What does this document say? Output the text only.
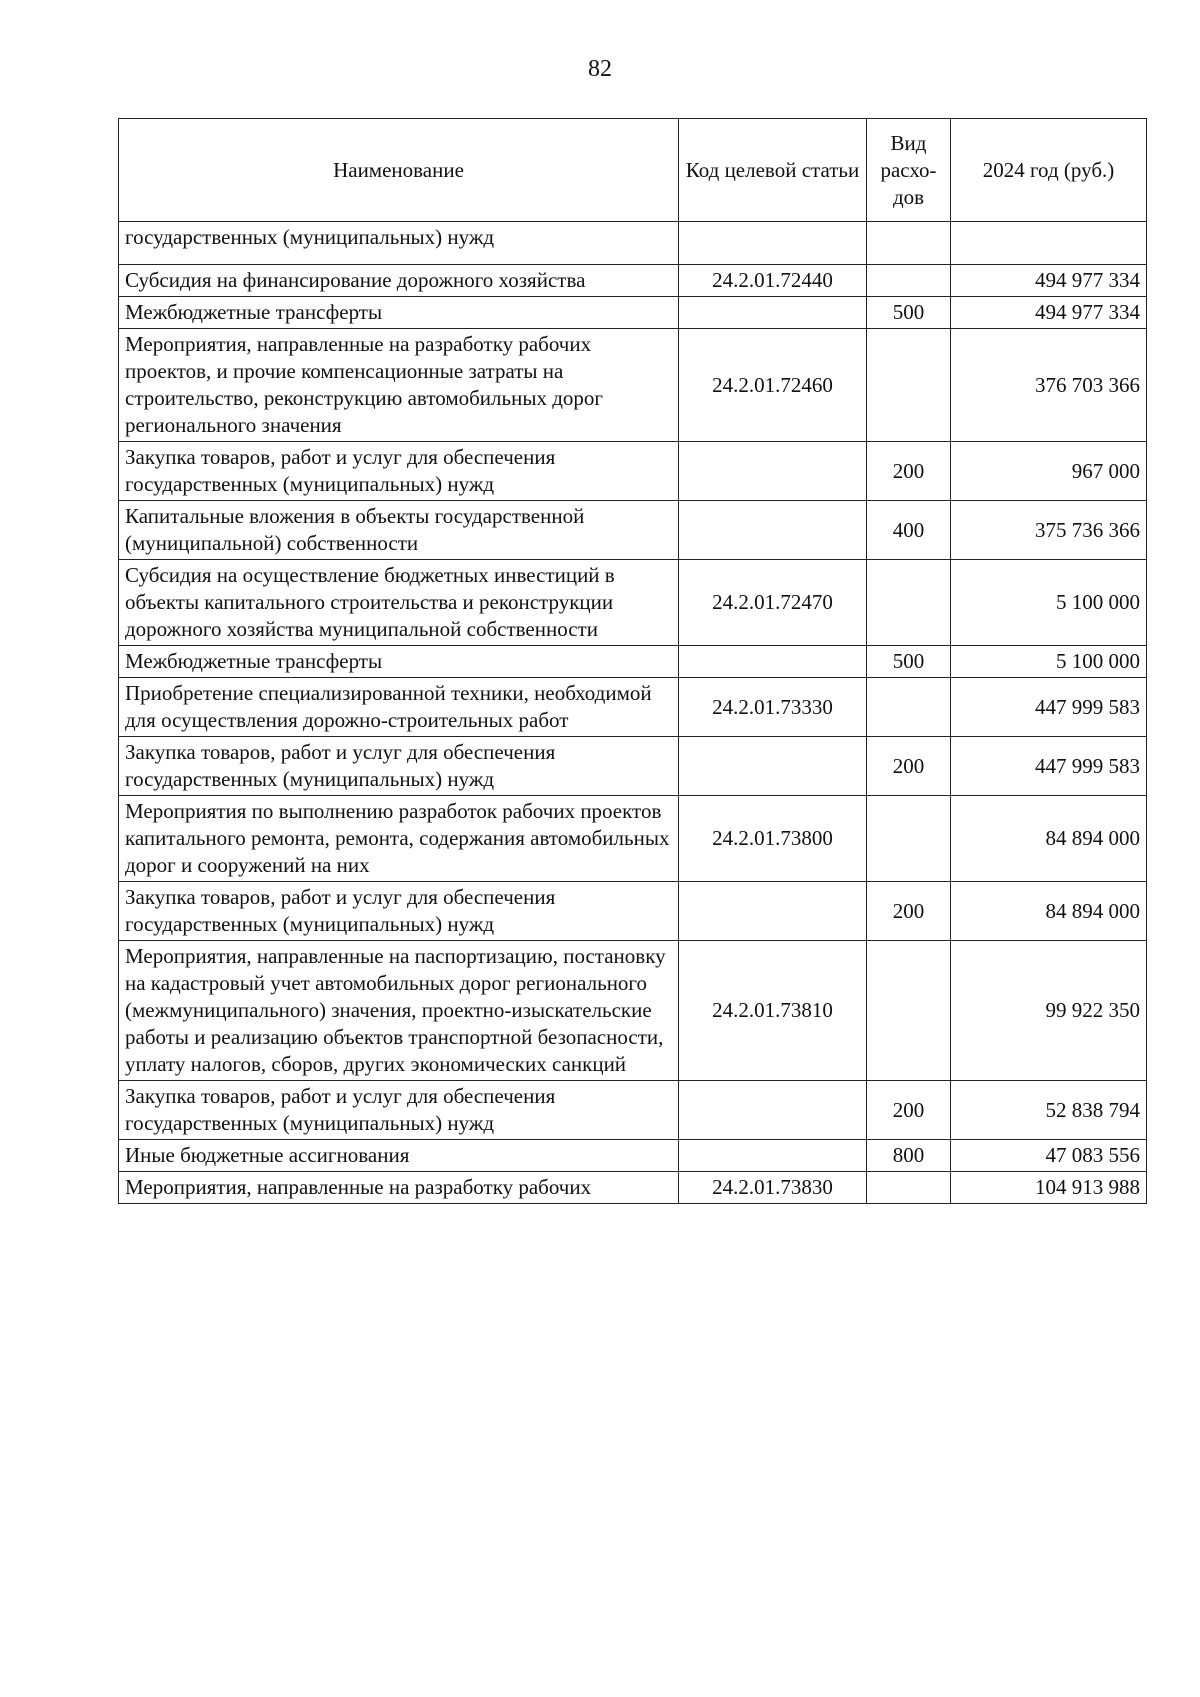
82
Наименование	Код целевой статьи	Вид расхо-дов	2024 год (руб.)
государственных (муниципальных) нужд			
Субсидия на финансирование дорожного хозяйства	24.2.01.72440		494 977 334
Межбюджетные трансферты		500	494 977 334
Мероприятия, направленные на разработку рабочих проектов, и прочие компенсационные затраты на строительство, реконструкцию автомобильных дорог регионального значения	24.2.01.72460		376 703 366
Закупка товаров, работ и услуг для обеспечения государственных (муниципальных) нужд		200	967 000
Капитальные вложения в объекты государственной (муниципальной) собственности		400	375 736 366
Субсидия на осуществление бюджетных инвестиций в объекты капитального строительства и реконструкции дорожного хозяйства муниципальной собственности	24.2.01.72470		5 100 000
Межбюджетные трансферты		500	5 100 000
Приобретение специализированной техники, необходимой для осуществления дорожно-строительных работ	24.2.01.73330		447 999 583
Закупка товаров, работ и услуг для обеспечения государственных (муниципальных) нужд		200	447 999 583
Мероприятия по выполнению разработок рабочих проектов капитального ремонта, ремонта, содержания автомобильных дорог и сооружений на них	24.2.01.73800		84 894 000
Закупка товаров, работ и услуг для обеспечения государственных (муниципальных) нужд		200	84 894 000
Мероприятия, направленные на паспортизацию, постановку на кадастровый учет автомобильных дорог регионального (межмуниципального) значения, проектно-изыскательские работы и реализацию объектов транспортной безопасности, уплату налогов, сборов, других экономических санкций	24.2.01.73810		99 922 350
Закупка товаров, работ и услуг для обеспечения государственных (муниципальных) нужд		200	52 838 794
Иные бюджетные ассигнования		800	47 083 556
Мероприятия, направленные на разработку рабочих	24.2.01.73830		104 913 988
